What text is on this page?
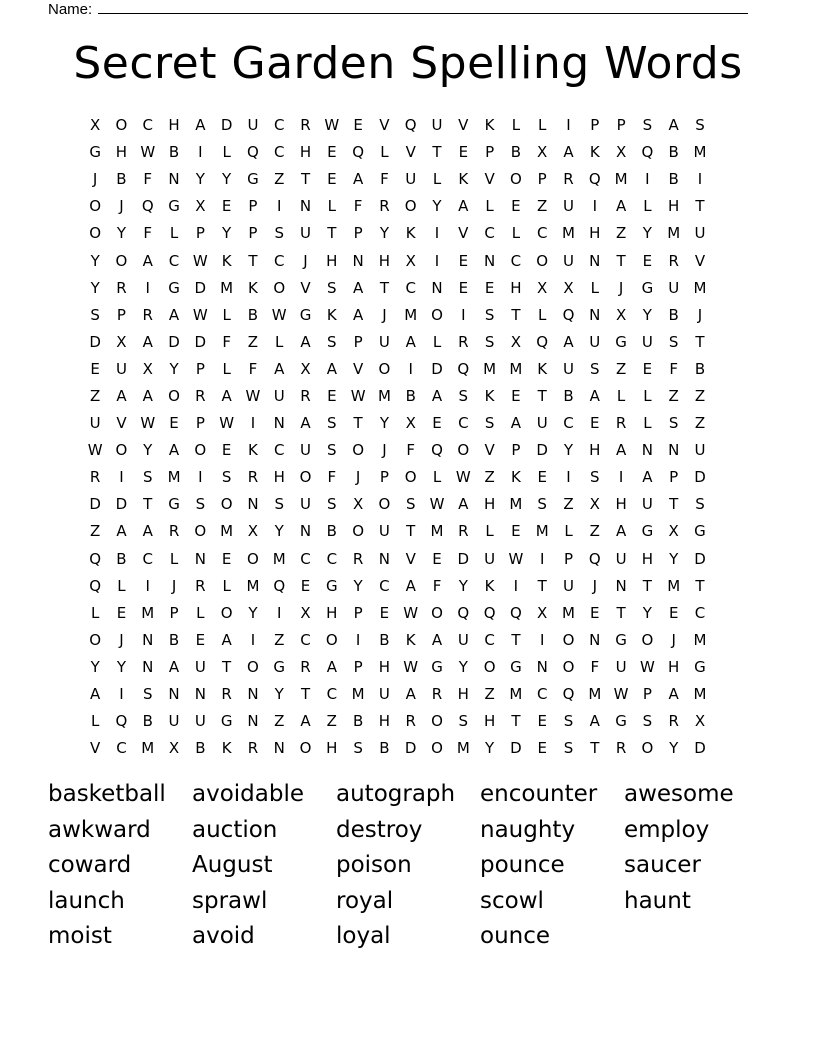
Name:
Secret Garden Spelling Words
X	O	C	H	A	D	U	C	R W E	V	Q U	V	K	L	L	I	P	P	S	A	S
G H W B	I	L	Q	C	H	E	Q	L	V	T	E	P	B	X	A	K	X	Q	B M
J	B	F	N	Y	Y	G	Z	T	E	A	F	U	L	K	V	O	P	R	Q M	I	B	I
O	J	Q G	X	E	P	I	N	L	F	R	O	Y	A	L	E	Z	U	I	A	L	H	T
O	Y	F	L	P	Y	P	S	U	T	P	Y	K	I	V	C	L	C M H	Z	Y	M U
Y	O	A	C W K	T	C	J	H	N	H	X	I	E	N	C	O U	N	T	E	R	V
Y	R	I	G D M K	O	V	S	A	T	C	N	E	E	H	X	X	L	J	G	U M
S	P	R	A W L	B W G	K	A	J	M O	I	S	T	L	Q N	X	Y	B	J
D	X	A	D D	F	Z	L	A	S	P	U	A	L	R	S	X	Q	A	U G	U	S	T
E	U	X	Y	P	L	F	A	X	A	V	O	I	D Q M M K	U	S	Z	E	F	B
Z	A	A	O	R	A W U	R	E W M B	A	S	K	E	T	B	A	L	L	Z	Z
U	V W E	P W	I	N	A	S	T	Y	X	E	C	S	A	U	C	E	R	L	S	Z
W O	Y	A	O	E	K	C	U	S	O	J	F	Q O	V	P	D	Y	H	A	N	N	U
R	I	S	M	I	S	R	H O	F	J	P	O	L W Z	K	E	I	S	I	A	P	D
D D	T	G	S	O N	S	U	S	X	O	S W A	H M	S	Z	X	H	U	T	S
Z	A	A	R	O M X	Y	N	B	O U	T	M R	L	E	M	L	Z	A	G	X	G
Q	B	C	L	N	E	O M C	C	R	N	V	E	D	U W	I	P	Q U	H	Y	D
Q	L	I	J	R	L	M Q	E	G	Y	C	A	F	Y	K	I	T	U	J	N	T	M	T
L	E	M	P	L	O	Y	I	X	H	P	E W O Q Q Q	X M	E	T	Y	E	C
O	J	N	B	E	A	I	Z	C	O	I	B	K	A	U	C	T	I	O N G O	J	M
Y	Y	N	A	U	T	O G	R	A	P	H W G	Y	O G N O	F	U W H G
A	I	S	N	N	R	N	Y	T	C M U	A	R	H	Z M C	Q M W P	A M
L	Q	B	U	U G N	Z	A	Z	B	H	R	O	S	H	T	E	S	A	G	S	R	X
V	C M X	B	K	R	N O H	S	B	D O M	Y	D	E	S	T	R	O	Y	D
basketball	avoidable	autograph	encounter	awesome
awkward	auction	destroy	naughty	employ
coward	August	poison	pounce	saucer
launch	sprawl	royal	scowl	haunt
moist	avoid	loyal	ounce
